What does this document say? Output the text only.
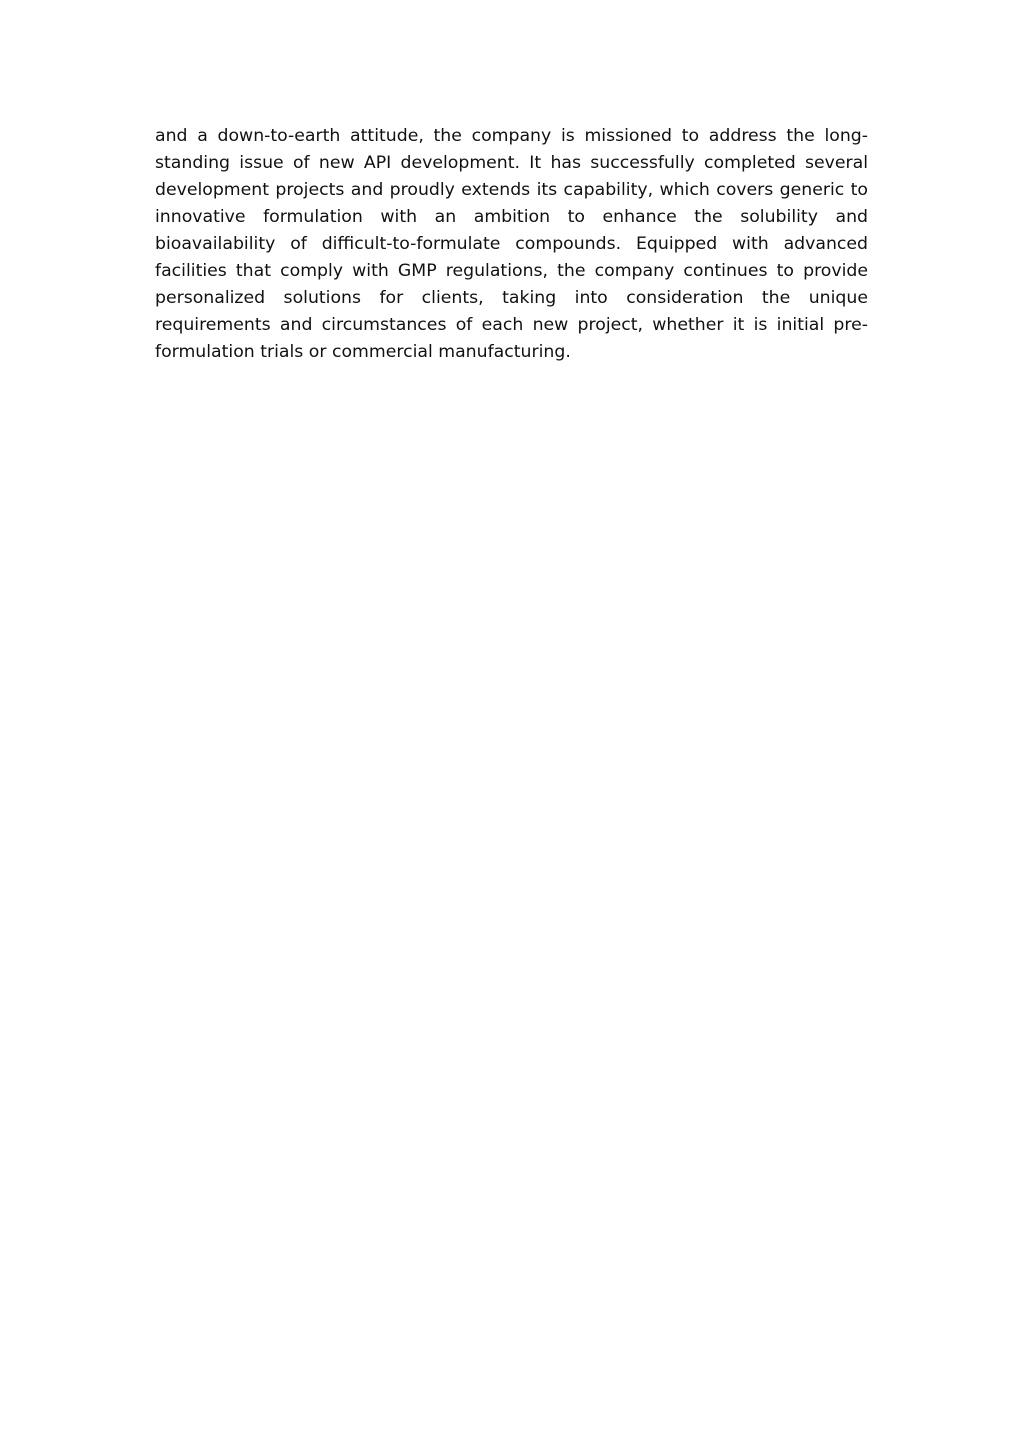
and a down-to-earth attitude, the company is missioned to address the long-standing issue of new API development. It has successfully completed several development projects and proudly extends its capability, which covers generic to innovative formulation with an ambition to enhance the solubility and bioavailability of difficult-to-formulate compounds. Equipped with advanced facilities that comply with GMP regulations, the company continues to provide personalized solutions for clients, taking into consideration the unique requirements and circumstances of each new project, whether it is initial pre-formulation trials or commercial manufacturing.
